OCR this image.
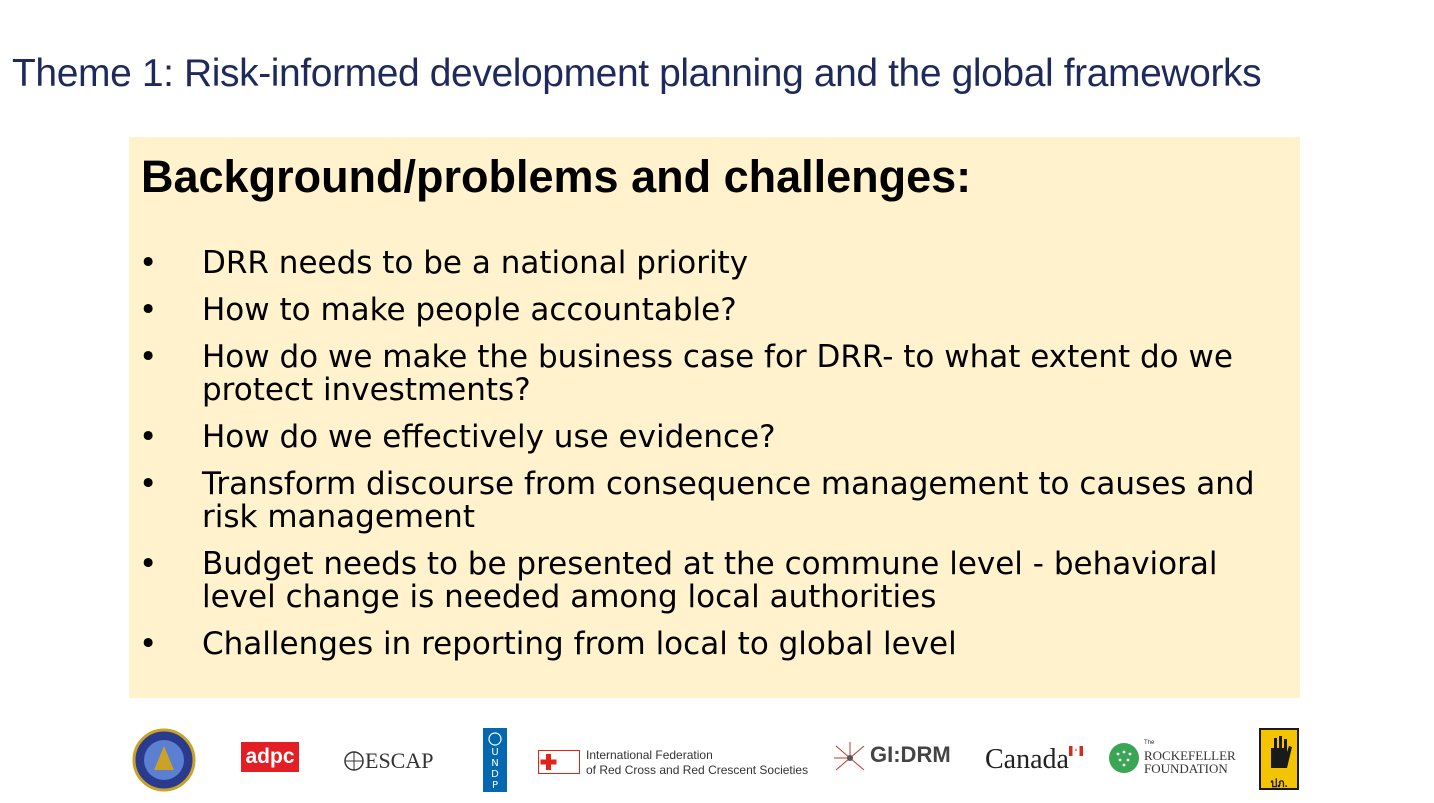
Theme 1: Risk-informed development planning and the global frameworks
Background/problems and challenges:
• DRR needs to be a national priority
• How to make people accountable?
• How do we make the business case for DRR- to what extent do we protect investments?
• How do we effectively use evidence?
• Transform discourse from consequence management to causes and risk management
• Budget needs to be presented at the commune level - behavioral level change is needed among local authorities
• Challenges in reporting from local to global level
adpc	ESCAP	U
N
D
P
International Federation
of Red Cross and Red Crescent Societies
GI:DRM Canada
The
ROCKEFELLER
FOUNDATION
ปภ.
